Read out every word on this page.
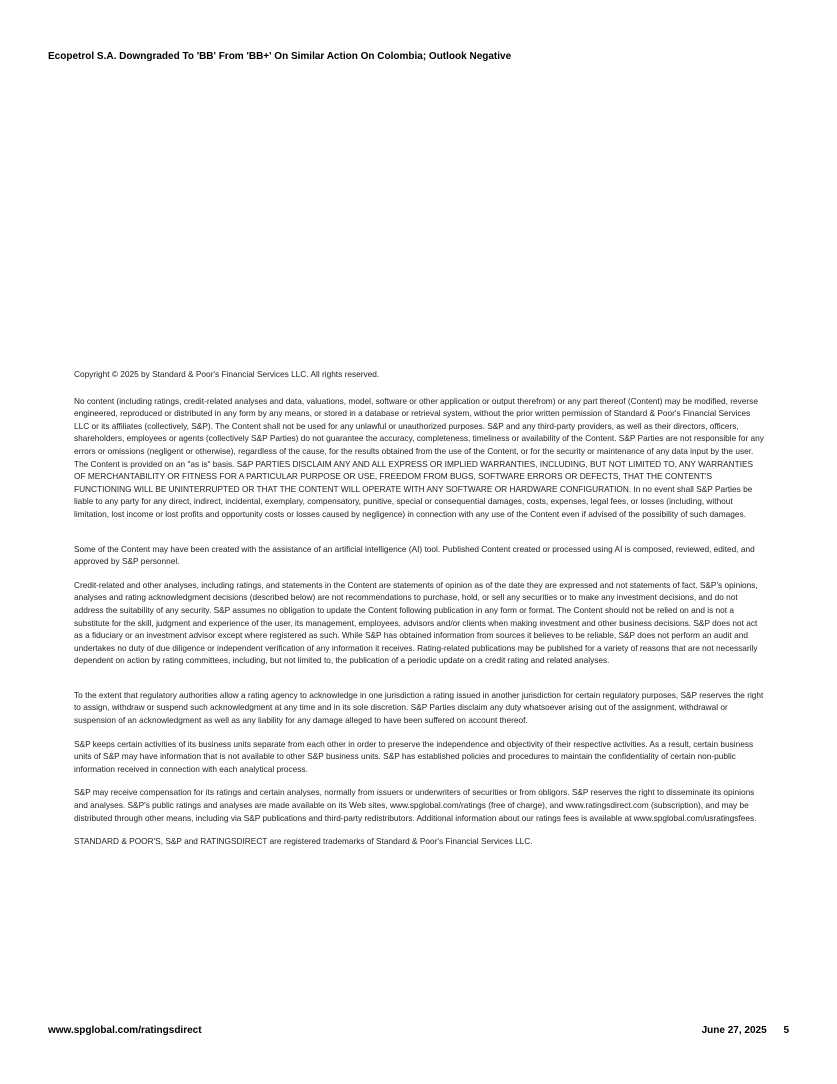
Ecopetrol S.A. Downgraded To 'BB' From 'BB+' On Similar Action On Colombia; Outlook Negative

Copyright © 2025 by Standard & Poor's Financial Services LLC. All rights reserved.

No content (including ratings, credit-related analyses and data, valuations, model, software or other application or output therefrom) or any part thereof (Content) may be modified, reverse engineered, reproduced or distributed in any form by any means, or stored in a database or retrieval system, without the prior written permission of Standard & Poor's Financial Services LLC or its affiliates (collectively, S&P). The Content shall not be used for any unlawful or unauthorized purposes. S&P and any third-party providers, as well as their directors, officers, shareholders, employees or agents (collectively S&P Parties) do not guarantee the accuracy, completeness, timeliness or availability of the Content. S&P Parties are not responsible for any errors or omissions (negligent or otherwise), regardless of the cause, for the results obtained from the use of the Content, or for the security or maintenance of any data input by the user. The Content is provided on an "as is" basis. S&P PARTIES DISCLAIM ANY AND ALL EXPRESS OR IMPLIED WARRANTIES, INCLUDING, BUT NOT LIMITED TO, ANY WARRANTIES OF MERCHANTABILITY OR FITNESS FOR A PARTICULAR PURPOSE OR USE, FREEDOM FROM BUGS, SOFTWARE ERRORS OR DEFECTS, THAT THE CONTENT'S FUNCTIONING WILL BE UNINTERRUPTED OR THAT THE CONTENT WILL OPERATE WITH ANY SOFTWARE OR HARDWARE CONFIGURATION. In no event shall S&P Parties be liable to any party for any direct, indirect, incidental, exemplary, compensatory, punitive, special or consequential damages, costs, expenses, legal fees, or losses (including, without limitation, lost income or lost profits and opportunity costs or losses caused by negligence) in connection with any use of the Content even if advised of the possibility of such damages.

Some of the Content may have been created with the assistance of an artificial intelligence (AI) tool. Published Content created or processed using AI is composed, reviewed, edited, and approved by S&P personnel.

Credit-related and other analyses, including ratings, and statements in the Content are statements of opinion as of the date they are expressed and not statements of fact. S&P's opinions, analyses and rating acknowledgment decisions (described below) are not recommendations to purchase, hold, or sell any securities or to make any investment decisions, and do not address the suitability of any security. S&P assumes no obligation to update the Content following publication in any form or format. The Content should not be relied on and is not a substitute for the skill, judgment and experience of the user, its management, employees, advisors and/or clients when making investment and other business decisions. S&P does not act as a fiduciary or an investment advisor except where registered as such. While S&P has obtained information from sources it believes to be reliable, S&P does not perform an audit and undertakes no duty of due diligence or independent verification of any information it receives. Rating-related publications may be published for a variety of reasons that are not necessarily dependent on action by rating committees, including, but not limited to, the publication of a periodic update on a credit rating and related analyses.

To the extent that regulatory authorities allow a rating agency to acknowledge in one jurisdiction a rating issued in another jurisdiction for certain regulatory purposes, S&P reserves the right to assign, withdraw or suspend such acknowledgment at any time and in its sole discretion. S&P Parties disclaim any duty whatsoever arising out of the assignment, withdrawal or suspension of an acknowledgment as well as any liability for any damage alleged to have been suffered on account thereof.

S&P keeps certain activities of its business units separate from each other in order to preserve the independence and objectivity of their respective activities. As a result, certain business units of S&P may have information that is not available to other S&P business units. S&P has established policies and procedures to maintain the confidentiality of certain non-public information received in connection with each analytical process.

S&P may receive compensation for its ratings and certain analyses, normally from issuers or underwriters of securities or from obligors. S&P reserves the right to disseminate its opinions and analyses. S&P's public ratings and analyses are made available on its Web sites, www.spglobal.com/ratings (free of charge), and www.ratingsdirect.com (subscription), and may be distributed through other means, including via S&P publications and third-party redistributors. Additional information about our ratings fees is available at www.spglobal.com/usratingsfees.

STANDARD & POOR'S, S&P and RATINGSDIRECT are registered trademarks of Standard & Poor's Financial Services LLC.

www.spglobal.com/ratingsdirect	June 27, 2025 5
